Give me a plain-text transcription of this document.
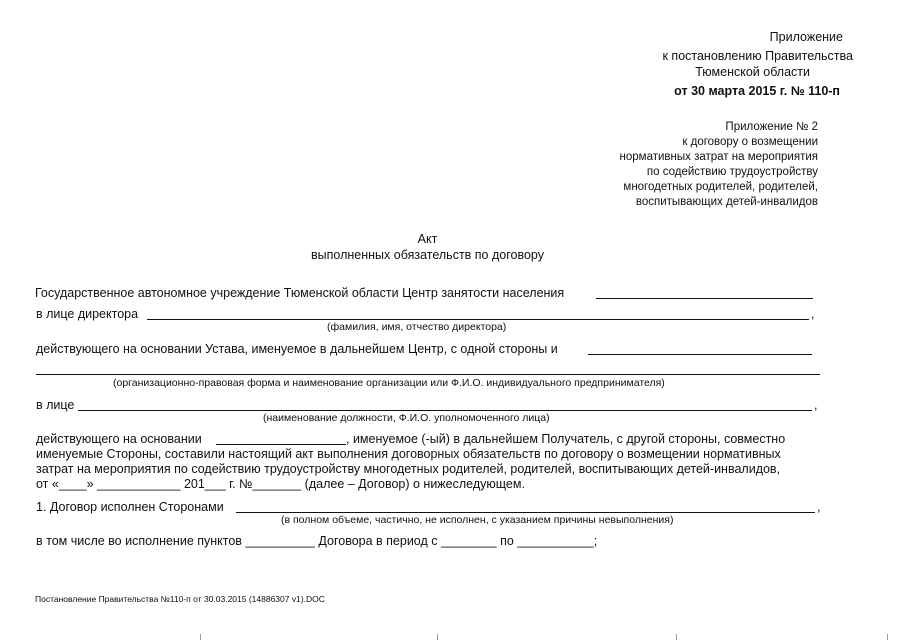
Приложение
к постановлению Правительства
Тюменской области
от 30 марта 2015 г. № 110-п
Приложение № 2
к договору о возмещении
нормативных затрат на мероприятия
по содействию трудоустройству
многодетных родителей, родителей,
воспитывающих детей-инвалидов
Акт
выполненных обязательств по договору
Государственное автономное учреждение Тюменской области Центр занятости населения
в лице директора	,
(фамилия, имя, отчество директора)
действующего на основании Устава, именуемое в дальнейшем Центр, с одной стороны и
(организационно-правовая форма и наименование организации или Ф.И.О. индивидуального предпринимателя)
в лице	,
(наименование должности, Ф.И.О. уполномоченного лица)
действующего на основании	, именуемое (-ый) в дальнейшем Получатель, с другой стороны, совместно
именуемые Стороны, составили настоящий акт выполнения договорных обязательств по договору о возмещении нормативных
затрат на мероприятия по содействию трудоустройству многодетных родителей, родителей, воспитывающих детей-инвалидов,
от «____» ____________ 201___ г. №_______ (далее – Договор) о нижеследующем.
1. Договор исполнен Сторонами	,
(в полном объеме, частично, не исполнен, с указанием причины невыполнения)
в том числе во исполнение пунктов __________ Договора в период с ________ по ___________;
Постановление Правительства №110-п от 30.03.2015 (14886307 v1).DOC
